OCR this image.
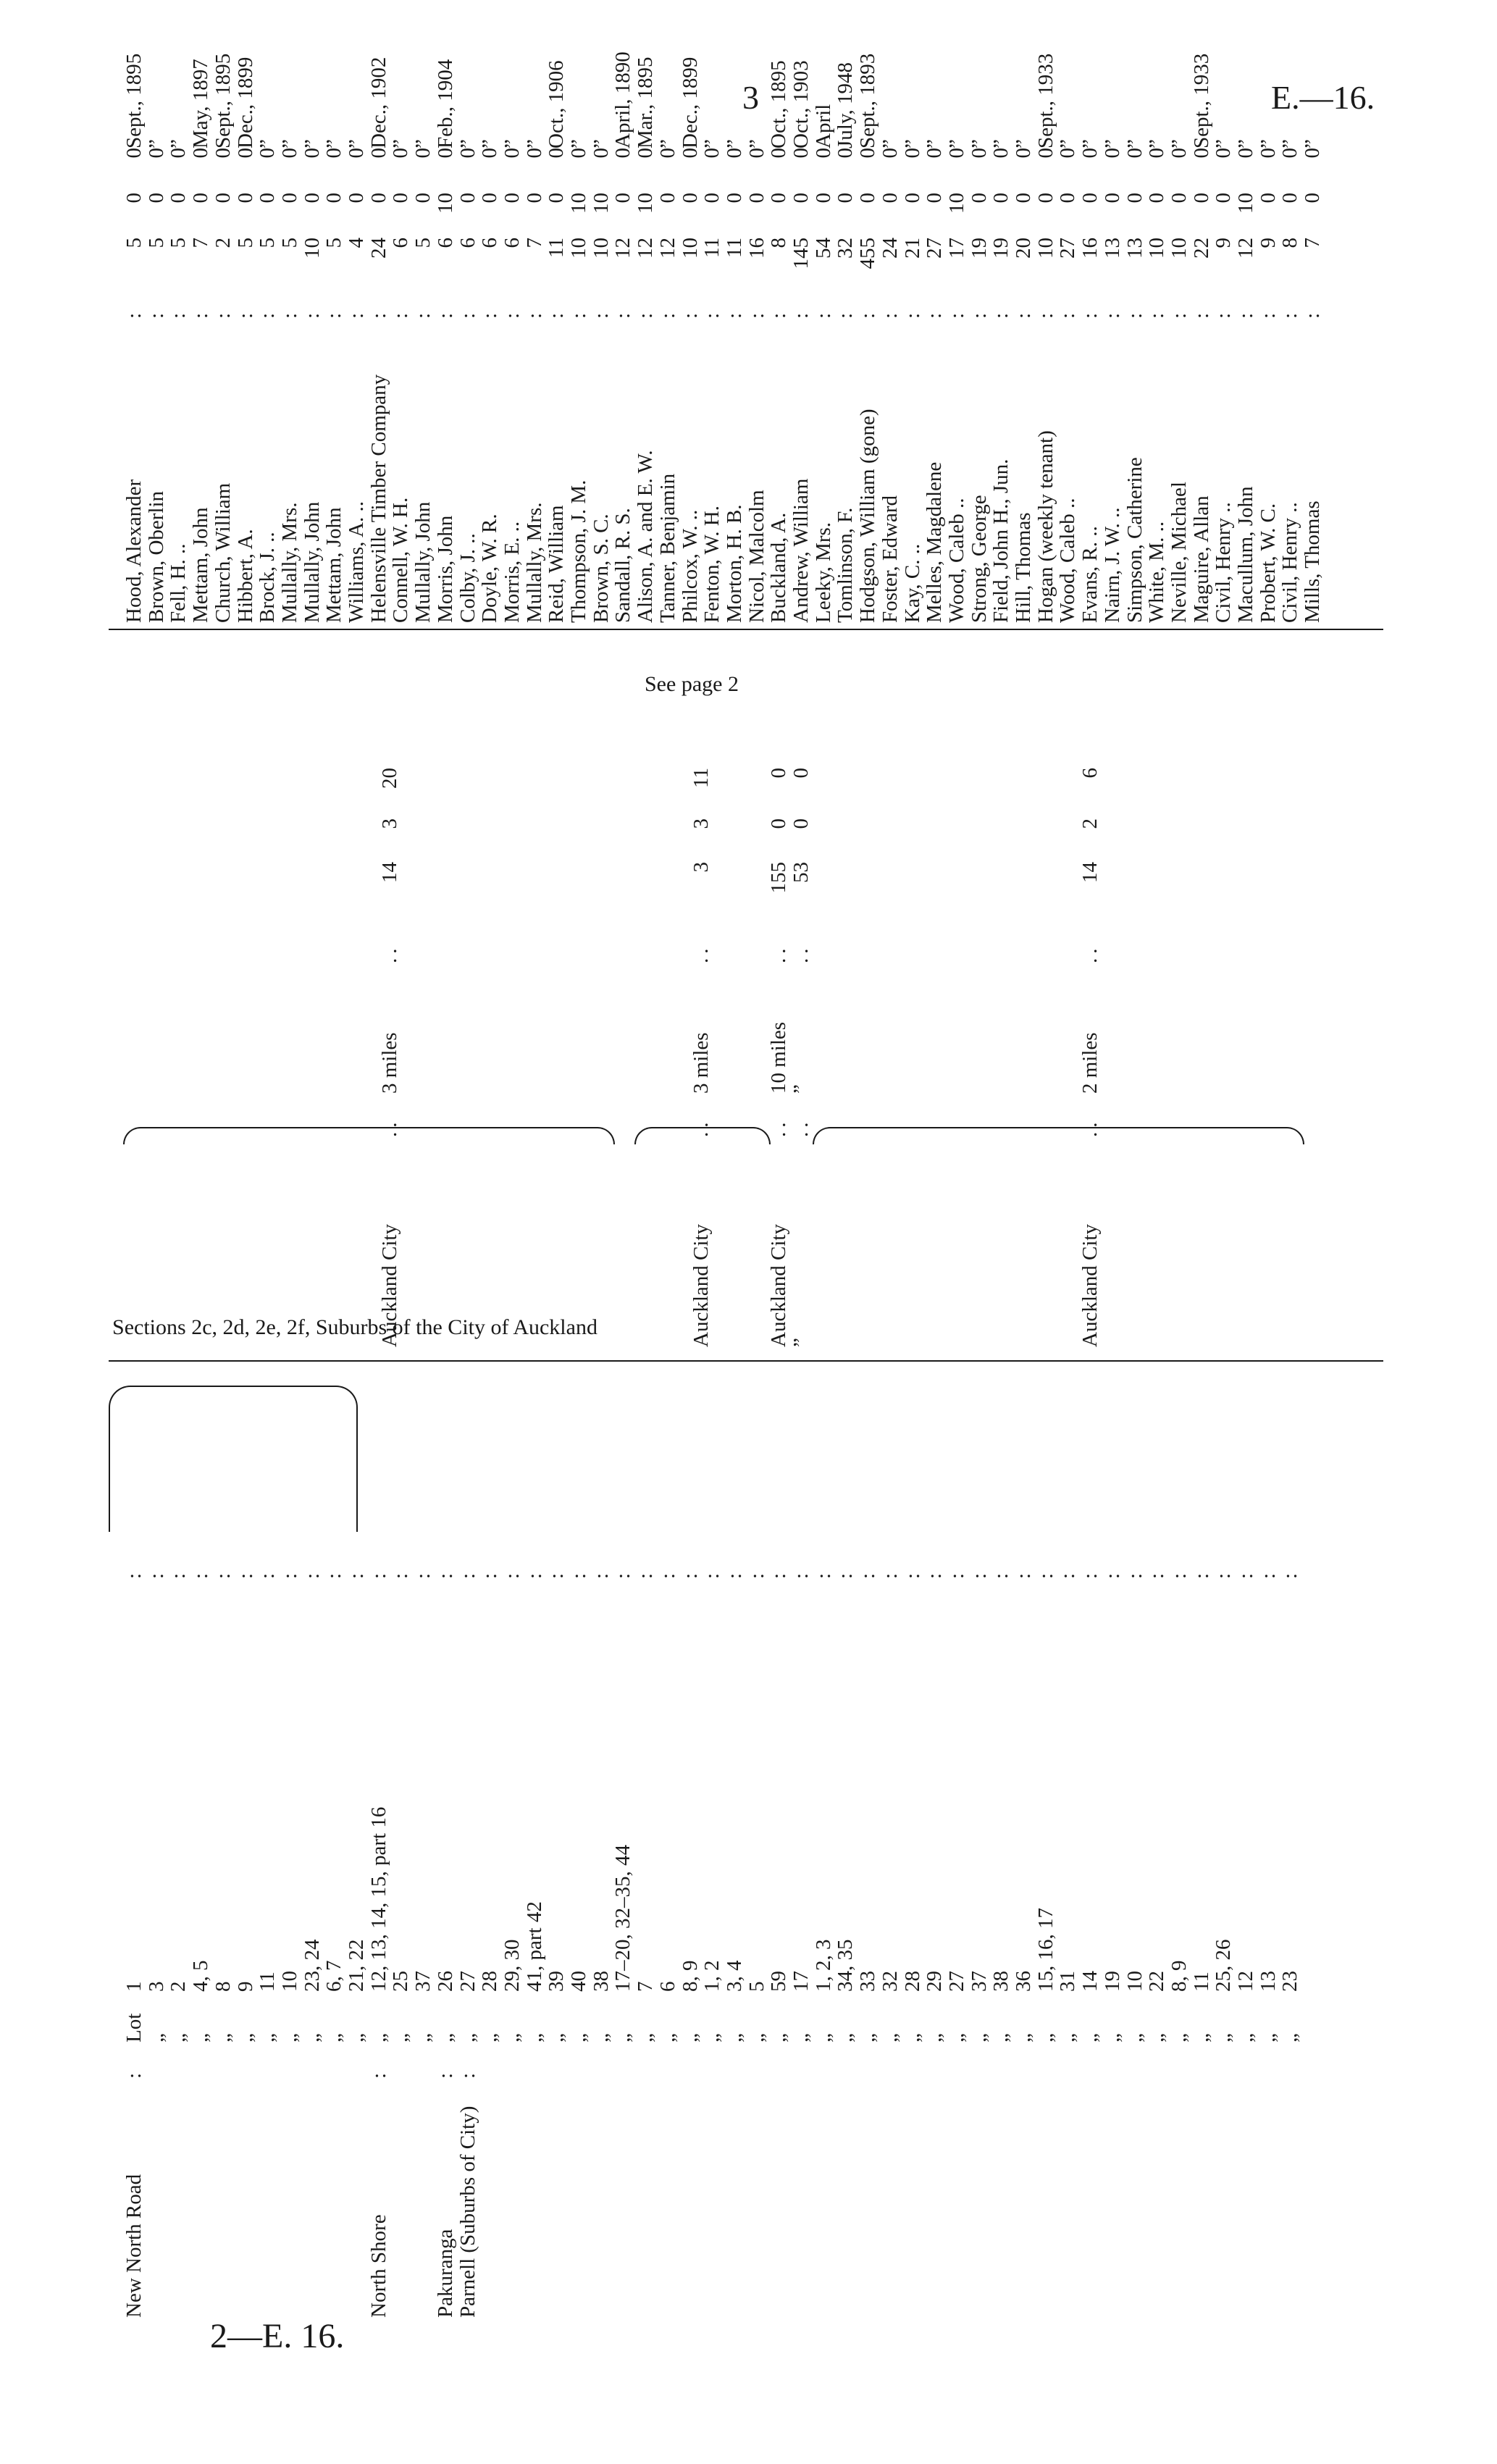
3	E.—16.
New North Road
:
North Shore
:
Pakuranga
:
Parnell (Suburbs of City)
:
Lot1
:
„3
:
„2
:
„4, 5
:
„8
:
„9
:
„11
:
„10
:
„23, 24
:
„6, 7
:
„21, 22
:
„12, 13, 14, 15, part 16
:
„25
:
„37
:
„26
:
„27
:
„28
:
„29, 30
:
„41, part 42
:
„39
:
„40
:
„38
:
„17–20, 32–35, 44
:
„7
:
„6
:
„8, 9
:
„1, 2
:
„3, 4
:
„5
:
„59
:
„17
:
„1, 2, 3
:
„34, 35
:
„33
:
„32
:
„28
:
„29
:
„27
:
„37
:
„38
:
„36
:
„15, 16, 17
:
„31
:
„14
:
„19
:
„10
:
„22
:
„8, 9
:
„11
:
„25, 26
:
„12
:
„13
:
„23
:
Sections 2c, 2d, 2e, 2f, Suburbs of the City of Auckland
Auckland City
..
Auckland City
..
Auckland City
..
”
..
Auckland City
..
3 miles
..
3 miles
..
10 miles
..
”
..
2 miles
..
14
3
20
3
3
11
155
0
0
53
0
0
14
2
6
See page 2
Hood, Alexander
:
Brown, Oberlin
:
Fell, H. ..
:
Mettam, John
:
Church, William
:
Hibbert, A.
:
Brock, J. ..
:
Mullally, Mrs.
:
Mullally, John
:
Mettam, John
:
Williams, A. ..
:
Helensville Timber Company
:
Connell, W. H.
:
Mullally, John
:
Morris, John
:
Colby, J. ..
:
Doyle, W. R.
:
Morris, E. ..
:
Mullally, Mrs.
:
Reid, William
:
Thompson, J. M.
:
Brown, S. C.
:
Sandall, R. S.
:
Alison, A. and E. W.
:
Tanner, Benjamin
:
Philcox, W. ..
:
Fenton, W. H.
:
Morton, H. B.
:
Nicol, Malcolm
:
Buckland, A.
:
Andrew, William
:
Leeky, Mrs.
:
Tomlinson, F.
:
Hodgson, William (gone)
:
Foster, Edward
:
Kay, C. ..
:
Melles, Magdalene
:
Wood, Caleb ..
:
Strong, George
:
Field, John H., Jun.
:
Hill, Thomas
:
Hogan (weekly tenant)
:
Wood, Caleb ..
:
Evans, R. ..
:
Nairn, J. W. ..
:
Simpson, Catherine
:
White, M. ..
:
Neville, Michael
:
Maguire, Allan
:
Civil, Henry ..
:
Macullum, John
:
Probert, W. C.
:
Civil, Henry ..
:
Mills, Thomas
:
500
500
500
700
200
500
500
500
1000
500
400
2400
600
500
6100
600
600
600
700
1100
10100
10100
1200
12100
1200
1000
1100
1100
1600
800
14500
5400
3200
45500
2400
2100
2700
17100
1900
1900
2000
1000
2700
1600
1300
1300
1000
1000
2200
900
12100
900
800
700
Sept., 1895
”
”
May, 1897
Sept., 1895
Dec., 1899
”
”
”
”
”
Dec., 1902
”
”
Feb., 1904
”
”
”
”
Oct., 1906
”
”
April, 1890
Mar., 1895
”
Dec., 1899
”
”
”
Oct., 1895
Oct., 1903
April
July, 1948
Sept., 1893
”
”
”
”
”
”
”
Sept., 1933
”
”
”
”
”
”
Sept., 1933
”
”
”
”
”
2—E. 16.
